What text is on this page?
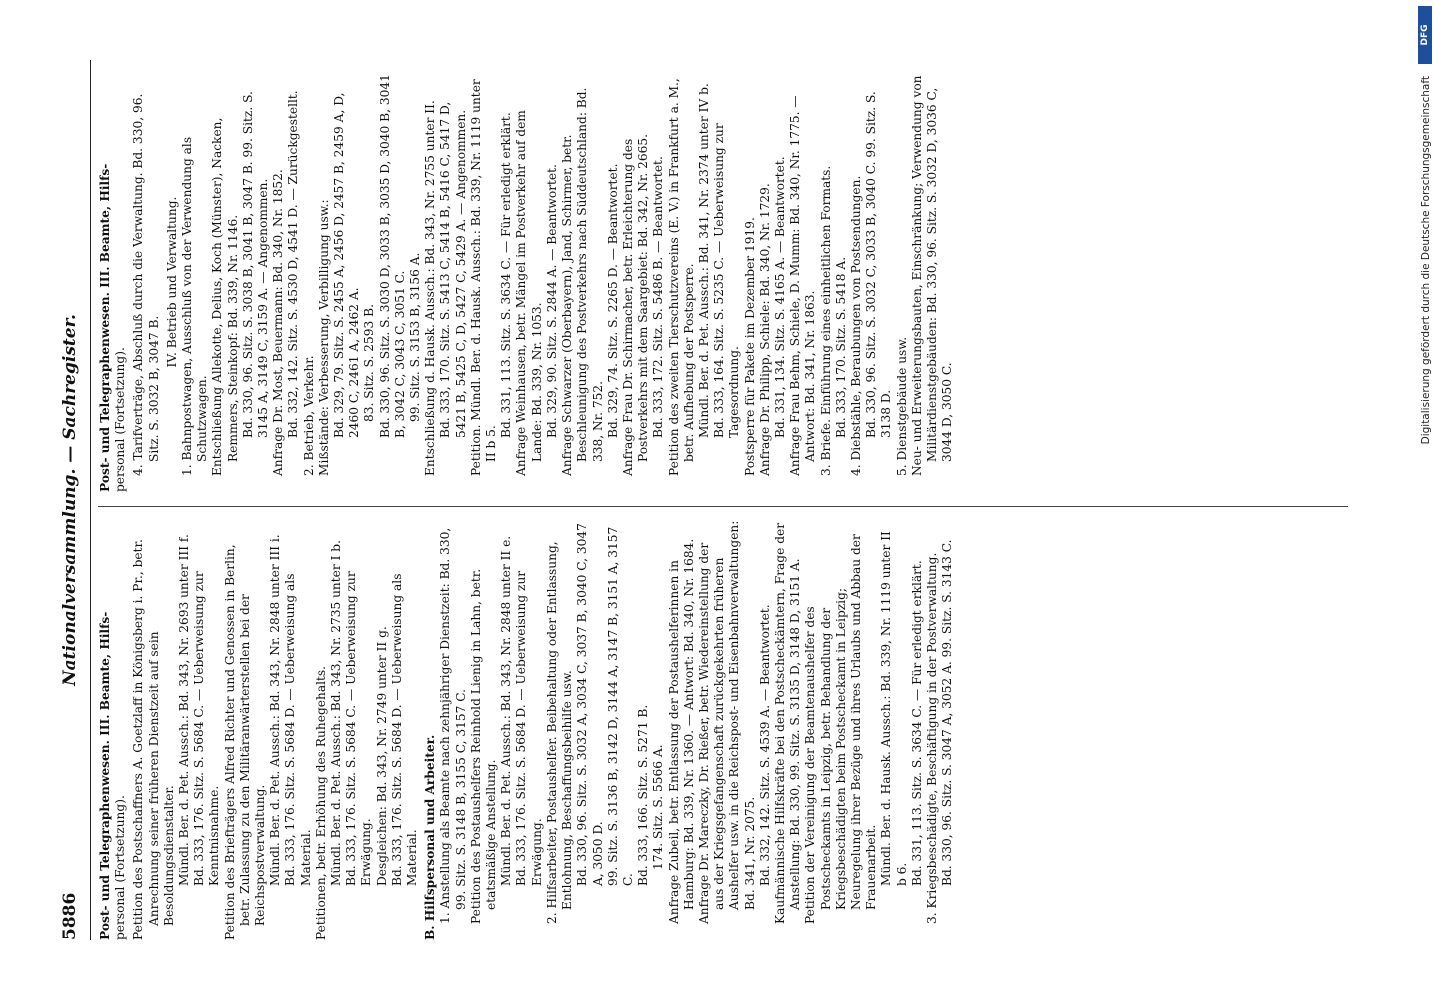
5886
Nationalversammlung. — Sachregister.

Post- und Telegraphenwesen. III. Beamte, Hilfs- personal (Fortsetzung). Petition des Postschaffners A. Goetzlaff in Königsberg i. Pr., betr. Anrechnung seiner früheren Dienstzeit auf sein Besoldungsdienstalter. Mündl. Ber. d. Pet. Aussch.: Bd. 343, Nr. 2693 unter III f. Bd. 333, 176. Sitz. S. 5684 C. — Ueberweisung zur Kenntnisnahme. Petition des Briefträgers Alfred Richter und Genossen in Berlin, betr. Zulassung zu den Militäranwärterstellen bei der Reichspostverwaltung. Mündl. Ber. d. Pet. Aussch.: Bd. 343, Nr. 2848 unter III i. Bd. 333, 176. Sitz. S. 5684 D. — Ueberweisung als Material. Petitionen, betr. Erhöhung des Ruhegehalts. Mündl. Ber. d. Pet. Aussch.: Bd. 343, Nr. 2735 unter I b. Bd. 333, 176. Sitz. S. 5684 C. — Ueberweisung zur Erwägung. Desgleichen: Bd. 343, Nr. 2749 unter II g. Bd. 333, 176. Sitz. S. 5684 D. — Ueberweisung als Material. B. Hilfspersonal und Arbeiter. 1. Anstellung als Beamte nach zehnjähriger Dienstzeit: Bd. 330, 99. Sitz. S. 3148 B, 3155 C, 3157 C. Petition des Postaushelfers Reinhold Lienig in Lahn, betr. etatsmäßige Anstellung. Mündl. Ber. d. Pet. Aussch.: Bd. 343, Nr. 2848 unter II e. Bd. 333, 176. Sitz. S. 5684 D. — Ueberweisung zur Erwägung. 2. Hilfsarbeiter, Postaushelfer. Beibehaltung oder Entlassung, Entlohnung, Beschaffungsbeihilfe usw. Bd. 330, 96. Sitz. S. 3032 A, 3034 C, 3037 B, 3040 C, 3047 A, 3050 D. 99. Sitz. S. 3136 B, 3142 D, 3144 A, 3147 B, 3151 A, 3157 C. Bd. 333, 166. Sitz. S. 5271 B. 174. Sitz. S. 5566 A. Anfrage Zubeil, betr. Entlassung der Postaushelferinnen in Hamburg: Bd. 339, Nr. 1360. — Antwort: Bd. 340, Nr. 1684. Anfrage Dr. Mareczky, Dr. Rießer, betr. Wiedereinstellung der aus der Kriegsgefangenschaft zurückgekehrten früheren Aushelfer usw. in die Reichspost- und Eisenbahnverwaltungen: Bd. 341, Nr. 2075. Bd. 332, 142. Sitz. S. 4539 A. — Beantwortet. Kaufmännische Hilfskräfte bei den Postscheckämtern, Frage der Anstellung: Bd. 330, 99. Sitz. S. 3135 D, 3148 D, 3151 A. Petition der Vereinigung der Beamtenaushelfer des Postscheckamts in Leipzig, betr. Behandlung der Kriegsbeschädigten beim Postscheckamt in Leipzig; Neuregelung ihrer Bezüge und ihres Urlaubs und Abbau der Frauenarbeit. Mündl. Ber. d. Hausk. Aussch.: Bd. 339, Nr. 1119 unter II b 6. Bd. 331, 113. Sitz. S. 3634 C. — Für erledigt erklärt. 3. Kriegsbeschädigte, Beschäftigung in der Postverwaltung. Bd. 330, 96. Sitz. S. 3047 A, 3052 A. 99. Sitz. S. 3143 C.

Post- und Telegraphenwesen. III. Beamte, Hilfs- personal (Fortsetzung). 4. Tarifverträge, Abschluß durch die Verwaltung. Bd. 330, 96. Sitz. S. 3032 B, 3047 B.

IV. Betrieb und Verwaltung. 1. Bahnpostwagen, Ausschluß von der Verwendung als Schutzwagen. Entschließung Allekotte, Delius, Koch (Münster), Nacken, Remmers, Steinkopf: Bd. 339, Nr. 1146. Bd. 330, 96. Sitz. S. 3038 B, 3041 B, 3047 B. 99. Sitz. S. 3145 A, 3149 C, 3159 A. — Angenommen. Anfrage Dr. Most, Beuermann: Bd. 340, Nr. 1852. Bd. 332, 142. Sitz. S. 4530 D, 4541 D. — Zurückgestellt. 2. Betrieb, Verkehr. Mißstände: Verbesserung, Verbilligung usw.: Bd. 329, 79. Sitz. S. 2455 A, 2456 D, 2457 B, 2459 A, D, 2460 C, 2461 A, 2462 A. 83. Sitz. S. 2593 B. Bd. 330, 96. Sitz. S. 3030 D, 3033 B, 3035 D, 3040 B, 3041 B, 3042 C, 3043 C, 3051 C. 99. Sitz. S. 3153 B, 3156 A. Entschließung d. Hausk. Aussch.: Bd. 343, Nr. 2755 unter II. Bd. 333, 170. Sitz. S. 5413 C, 5414 B, 5416 C, 5417 D, 5421 B, 5425 C, D, 5427 C, 5429 A. — Angenommen. Petition. Mündl. Ber. d. Hausk. Aussch.: Bd. 339, Nr. 1119 unter II b 5.

Bd. 331, 113. Sitz. S. 3634 C. — Für erledigt erklärt. Anfrage Weinhausen, betr. Mängel im Postverkehr auf dem Lande: Bd. 339, Nr. 1053. Bd. 329, 90. Sitz. S. 2844 A. — Beantwortet. Anfrage Schwarzer (Oberbayern), Jand, Schirmer, betr. Beschleunigung des Postverkehrs nach Süddeutschland: Bd. 338, Nr. 752. Bd. 329, 74. Sitz. S. 2265 D. — Beantwortet. Anfrage Frau Dr. Schirmacher, betr. Erleichterung des Postverkehrs mit dem Saargebiet: Bd. 342, Nr. 2665. Bd. 333, 172. Sitz. S. 5486 B. — Beantwortet. Petition des zweiten Tierschutzvereins (E. V.) in Frankfurt a. M., betr. Aufhebung der Postsperre. Mündl. Ber. d. Pet. Aussch.: Bd. 341, Nr. 2374 unter IV b. Bd. 333, 164. Sitz. S. 5235 C. — Ueberweisung zur Tagesordnung. Postsperre für Pakete im Dezember 1919. Anfrage Dr. Philipp, Schiele: Bd. 340, Nr. 1729. Bd. 331, 134. Sitz. S. 4165 A. — Beantwortet. Anfrage Frau Behm, Schiele, D. Mumm: Bd. 340, Nr. 1775. — Antwort: Bd. 341, Nr. 1863. 3. Briefe. Einführung eines einheitlichen Formats. Bd. 333, 170. Sitz. S. 5418 A. 4. Diebstähle, Beraubungen von Postsendungen. Bd. 330, 96. Sitz. S. 3032 C, 3033 B, 3040 C. 99. Sitz. S. 3138 D. 5. Dienstgebäude usw. Neu- und Erweiterungsbauten, Einschränkung; Verwendung von Militärdienstgebäuden: Bd. 330, 96. Sitz. S. 3032 D, 3036 C, 3044 D, 3050 C.	Digitalisierung gefördert durch die Deutsche Forschungsgemeinschaft
DFG
